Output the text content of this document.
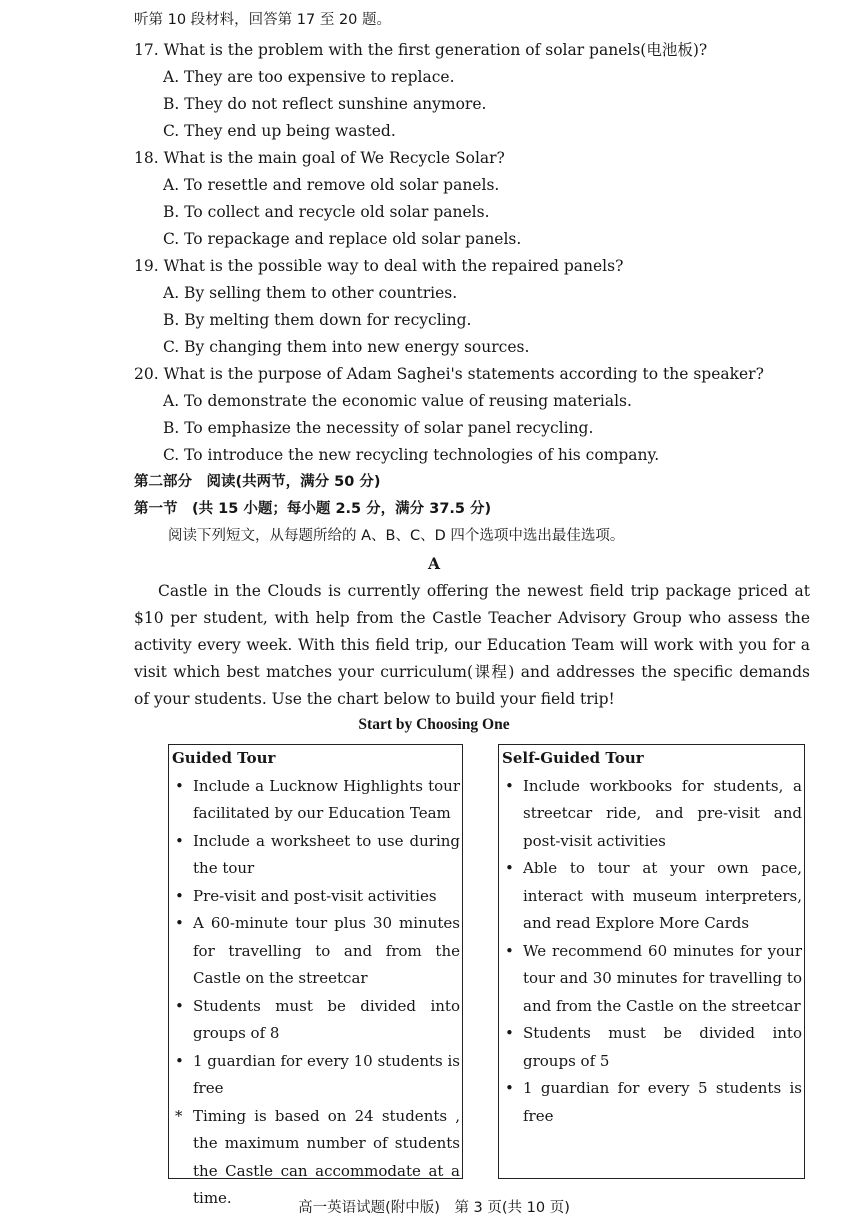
听第 10 段材料，回答第 17 至 20 题。
17. What is the problem with the first generation of solar panels(电池板)?
A. They are too expensive to replace.
B. They do not reflect sunshine anymore.
C. They end up being wasted.
18. What is the main goal of We Recycle Solar?
A. To resettle and remove old solar panels.
B. To collect and recycle old solar panels.
C. To repackage and replace old solar panels.
19. What is the possible way to deal with the repaired panels?
A. By selling them to other countries.
B. By melting them down for recycling.
C. By changing them into new energy sources.
20. What is the purpose of Adam Saghei's statements according to the speaker?
A. To demonstrate the economic value of reusing materials.
B. To emphasize the necessity of solar panel recycling.
C. To introduce the new recycling technologies of his company.
第二部分　阅读(共两节，满分 50 分)
第一节　(共 15 小题；每小题 2.5 分，满分 37.5 分)
阅读下列短文，从每题所给的 A、B、C、D 四个选项中选出最佳选项。
A
Castle in the Clouds is currently offering the newest field trip package priced at $10 per student, with help from the Castle Teacher Advisory Group who assess the activity every week. With this field trip, our Education Team will work with you for a visit which best matches your curriculum(课程) and addresses the specific demands of your students. Use the chart below to build your field trip!
Start by Choosing One
Guided Tour
• Include a Lucknow Highlights tour facilitated by our Education Team
• Include a worksheet to use during the tour
• Pre-visit and post-visit activities
• A 60-minute tour plus 30 minutes for travelling to and from the Castle on the streetcar
• Students must be divided into groups of 8
• 1 guardian for every 10 students is free
* Timing is based on 24 students , the maximum number of students the Castle can accommodate at a time.
Self-Guided Tour
• Include workbooks for students, a streetcar ride, and pre-visit and post-visit activities
• Able to tour at your own pace, interact with museum interpreters, and read Explore More Cards
• We recommend 60 minutes for your tour and 30 minutes for travelling to and from the Castle on the streetcar
• Students must be divided into groups of 5
• 1 guardian for every 5 students is free
高一英语试题(附中版)　第 3 页(共 10 页)
